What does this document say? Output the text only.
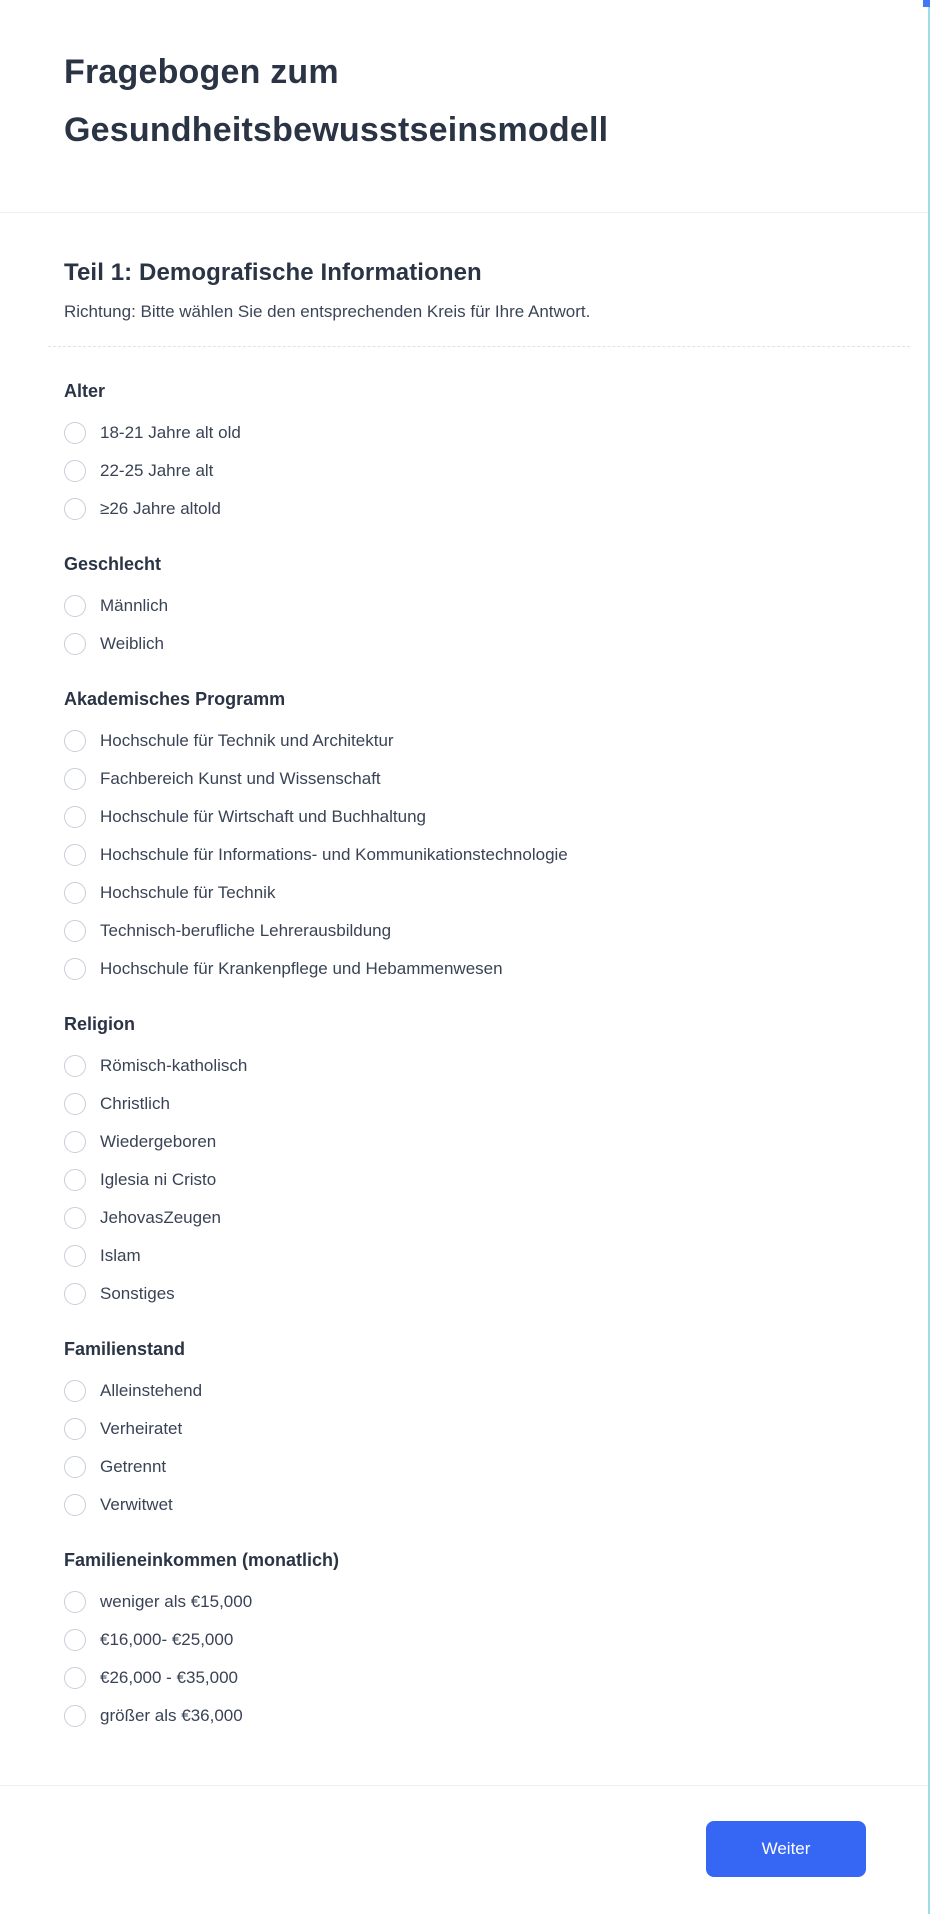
Fragebogen zum Gesundheitsbewusstseinsmodell
Teil 1: Demografische Informationen

Richtung: Bitte wählen Sie den entsprechenden Kreis für Ihre Antwort.

Alter
18-21 Jahre alt old
22-25 Jahre alt
≥26 Jahre altold
Geschlecht
Männlich
Weiblich
Akademisches Programm
Hochschule für Technik und Architektur
Fachbereich Kunst und Wissenschaft
Hochschule für Wirtschaft und Buchhaltung
Hochschule für Informations- und Kommunikationstechnologie
Hochschule für Technik
Technisch-berufliche Lehrerausbildung
Hochschule für Krankenpflege und Hebammenwesen
Religion
Römisch-katholisch
Christlich
Wiedergeboren
Iglesia ni Cristo
JehovasZeugen
Islam
Sonstiges
Familienstand
Alleinstehend
Verheiratet
Getrennt
Verwitwet
Familieneinkommen (monatlich)
weniger als €15,000
€16,000- €25,000
€26,000 - €35,000
größer als €36,000
Weiter
